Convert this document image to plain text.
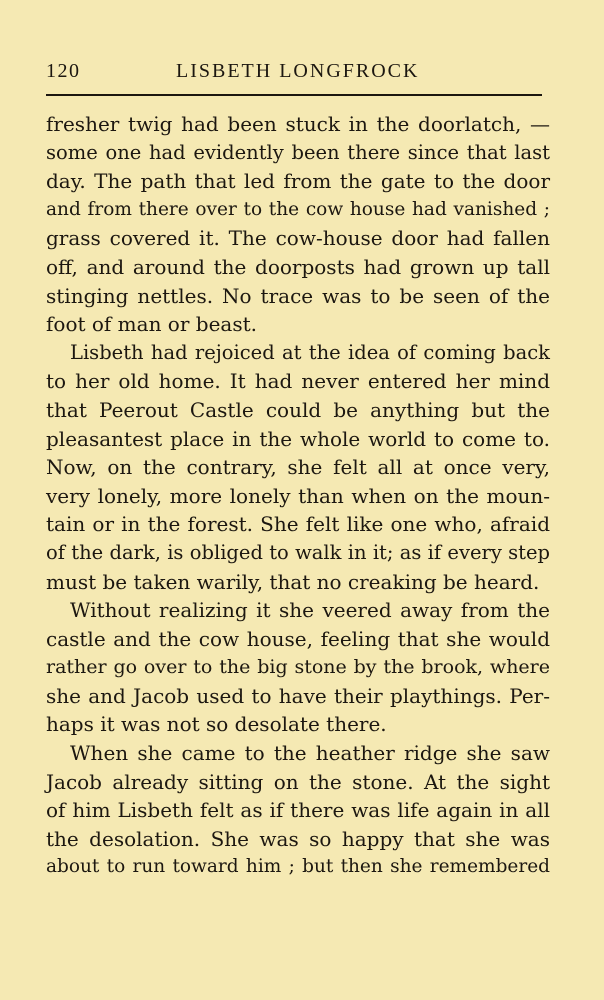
120	LISBETH LONGFROCK
fresher twig had been stuck in the doorlatch, —
some one had evidently been there since that last
day. The path that led from the gate to the door
and from there over to the cow house had vanished ;
grass covered it. The cow-house door had fallen
off, and around the doorposts had grown up tall
stinging nettles. No trace was to be seen of the
foot of man or beast.
Lisbeth had rejoiced at the idea of coming back
to her old home. It had never entered her mind
that Peerout Castle could be anything but the
pleasantest place in the whole world to come to.
Now, on the contrary, she felt all at once very,
very lonely, more lonely than when on the moun-
tain or in the forest. She felt like one who, afraid
of the dark, is obliged to walk in it; as if every step
must be taken warily, that no creaking be heard.
Without realizing it she veered away from the
castle and the cow house, feeling that she would
rather go over to the big stone by the brook, where
she and Jacob used to have their playthings. Per-
haps it was not so desolate there.
When she came to the heather ridge she saw
Jacob already sitting on the stone. At the sight
of him Lisbeth felt as if there was life again in all
the desolation. She was so happy that she was
about to run toward him ; but then she remembered
